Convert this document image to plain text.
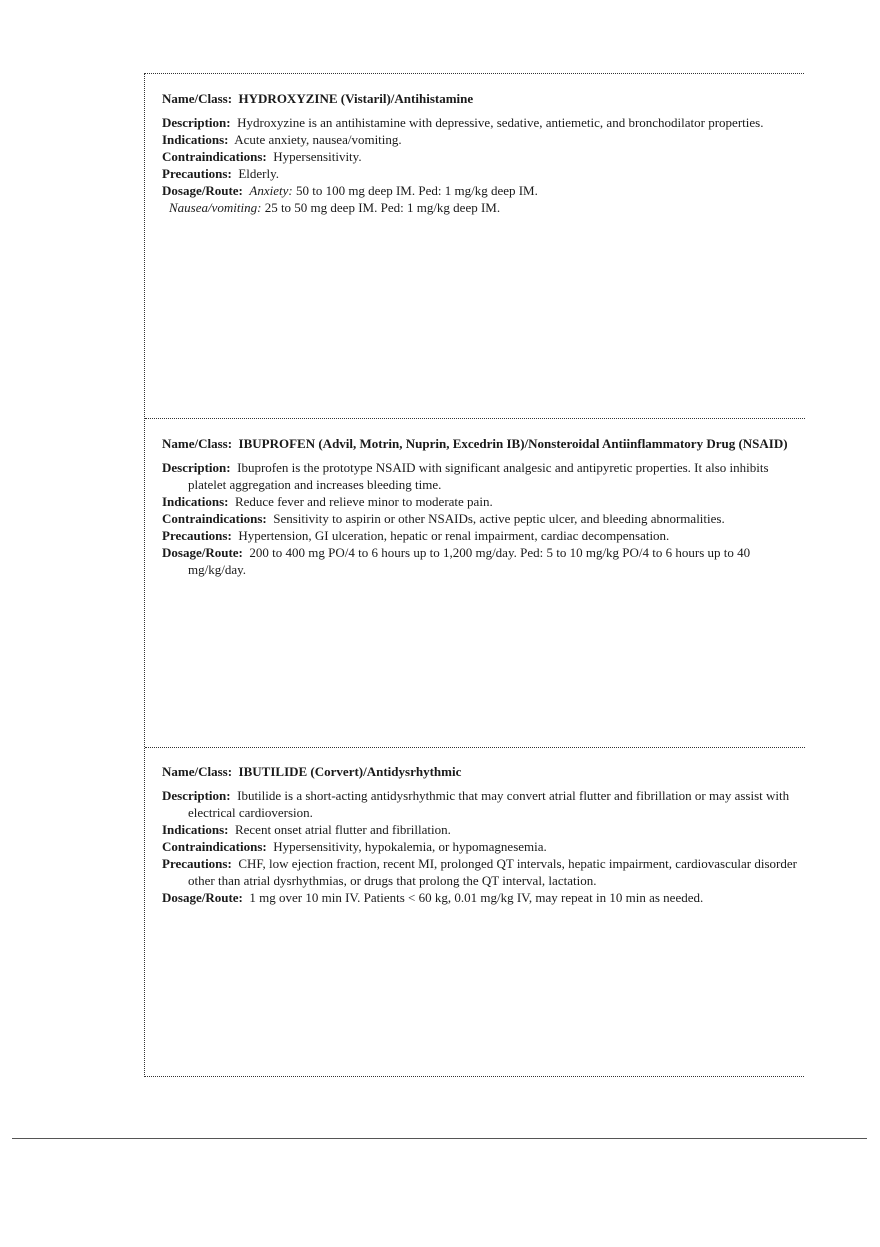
Name/Class: HYDROXYZINE (Vistaril)/Antihistamine

Description: Hydroxyzine is an antihistamine with depressive, sedative, antiemetic, and bronchodilator properties.

Indications: Acute anxiety, nausea/vomiting.

Contraindications: Hypersensitivity.

Precautions: Elderly.

Dosage/Route: Anxiety: 50 to 100 mg deep IM. Ped: 1 mg/kg deep IM.

Nausea/vomiting: 25 to 50 mg deep IM. Ped: 1 mg/kg deep IM.

Name/Class: IBUPROFEN (Advil, Motrin, Nuprin, Excedrin IB)/Nonsteroidal Antiinflammatory Drug (NSAID)

Description: Ibuprofen is the prototype NSAID with significant analgesic and antipyretic properties. It also inhibits platelet aggregation and increases bleeding time.

Indications: Reduce fever and relieve minor to moderate pain.

Contraindications: Sensitivity to aspirin or other NSAIDs, active peptic ulcer, and bleeding abnormalities.

Precautions: Hypertension, GI ulceration, hepatic or renal impairment, cardiac decompensation.

Dosage/Route: 200 to 400 mg PO/4 to 6 hours up to 1,200 mg/day. Ped: 5 to 10 mg/kg PO/4 to 6 hours up to 40 mg/kg/day.

Name/Class: IBUTILIDE (Corvert)/Antidysrhythmic

Description: Ibutilide is a short-acting antidysrhythmic that may convert atrial flutter and fibrillation or may assist with electrical cardioversion.

Indications: Recent onset atrial flutter and fibrillation.

Contraindications: Hypersensitivity, hypokalemia, or hypomagnesemia.

Precautions: CHF, low ejection fraction, recent MI, prolonged QT intervals, hepatic impairment, cardiovascular disorder other than atrial dysrhythmias, or drugs that prolong the QT interval, lactation.

Dosage/Route: 1 mg over 10 min IV. Patients < 60 kg, 0.01 mg/kg IV, may repeat in 10 min as needed.
